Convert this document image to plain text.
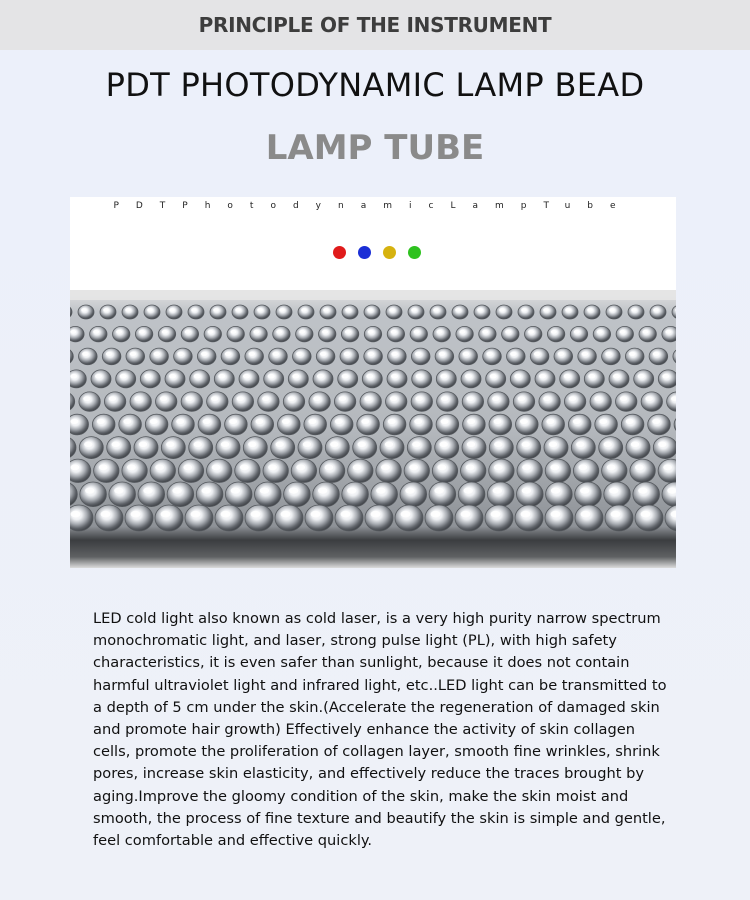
PRINCIPLE OF THE INSTRUMENT
PDT PHOTODYNAMIC LAMP BEAD
LAMP TUBE
PDTPhotodynamicLampTube

LED cold light also known as cold laser, is a very high purity narrow spectrum monochromatic light, and laser, strong pulse light (PL), with high safety characteristics, it is even safer than sunlight, because it does not contain harmful ultraviolet light and infrared light, etc..LED light can be transmitted to a depth of 5 cm under the skin.(Accelerate the regeneration of damaged skin and promote hair growth) Effectively enhance the activity of skin collagen cells, promote the proliferation of collagen layer, smooth fine wrinkles, shrink pores, increase skin elasticity, and effectively reduce the traces brought by aging.Improve the gloomy condition of the skin, make the skin moist and smooth, the process of fine texture and beautify the skin is simple and gentle, feel comfortable and effective quickly.
